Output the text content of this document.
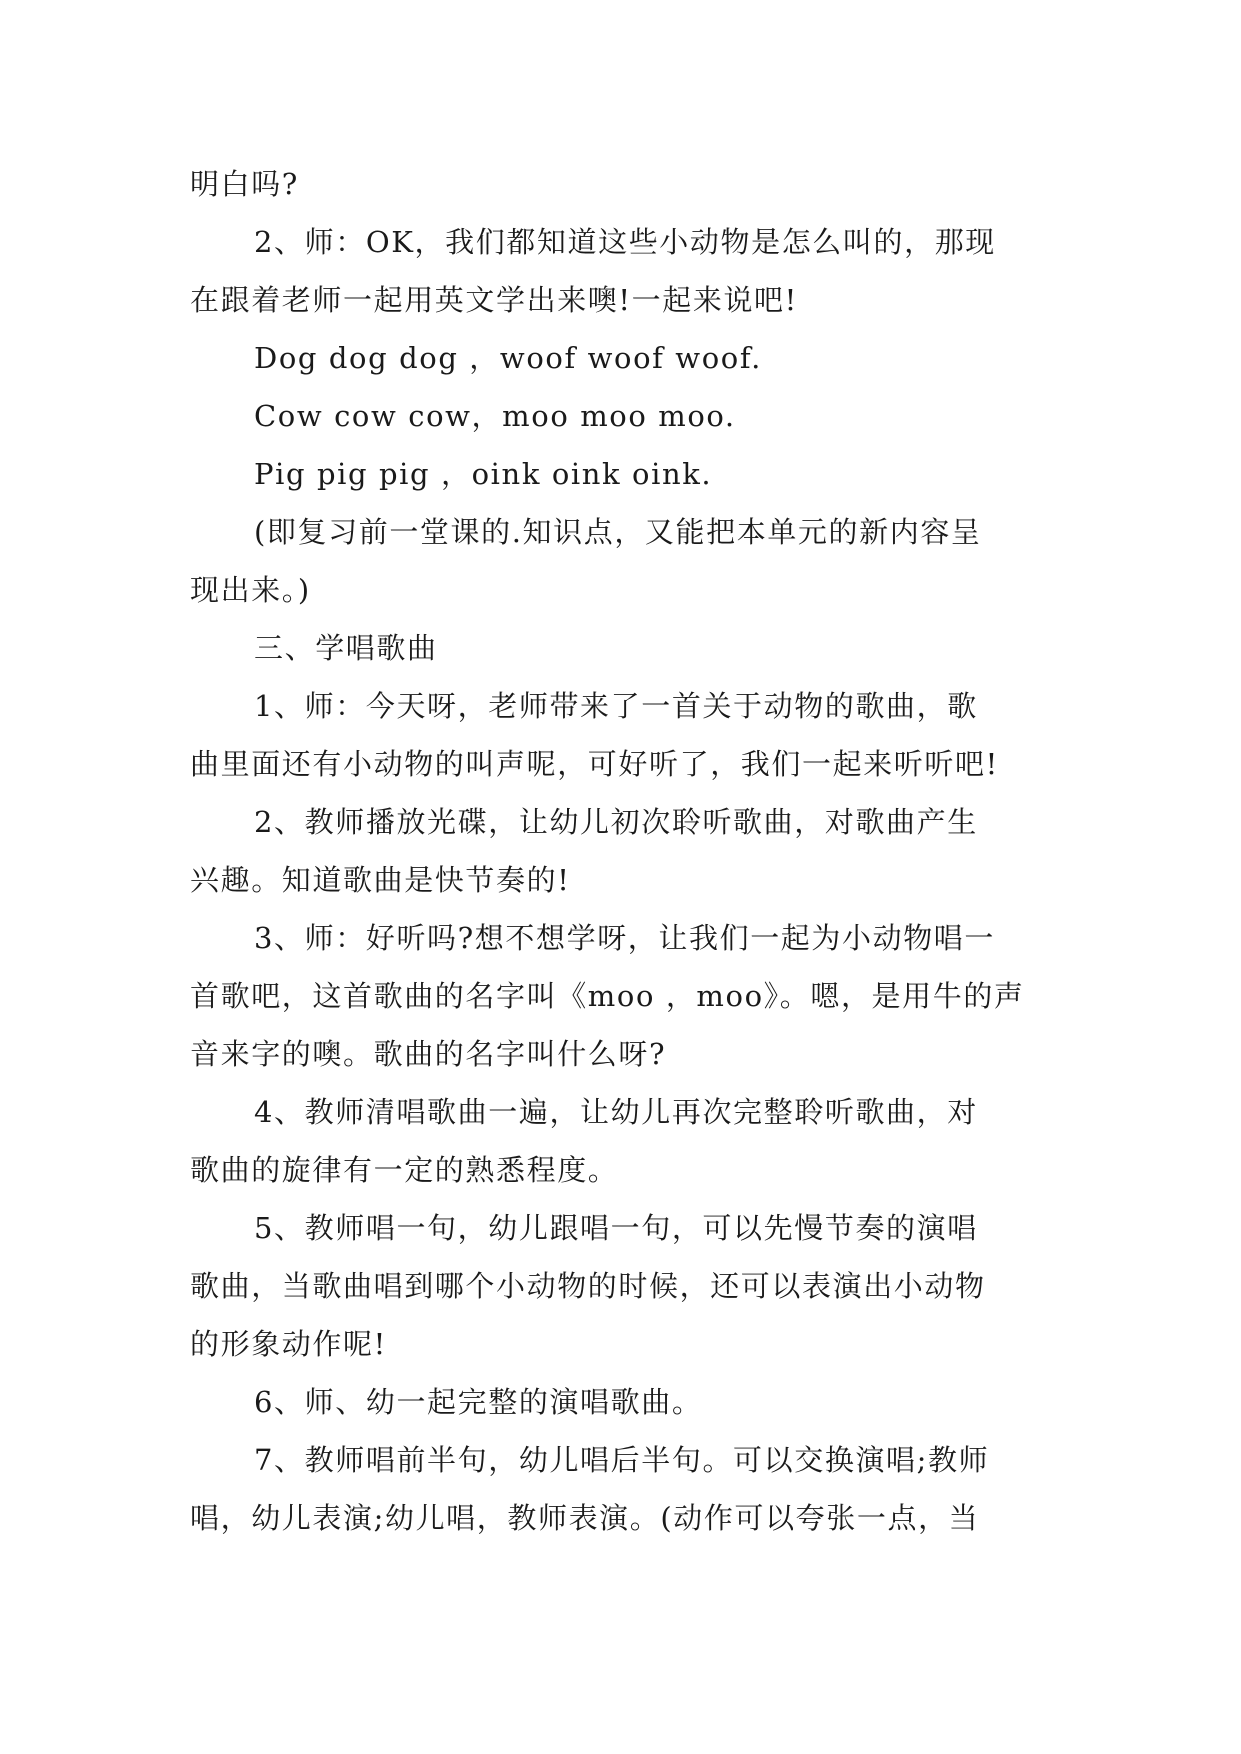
明白吗?
2、师：OK，我们都知道这些小动物是怎么叫的，那现
在跟着老师一起用英文学出来噢!一起来说吧!
Dog dog dog ，woof woof woof.
Cow cow cow，moo moo moo.
Pig pig pig ，oink oink oink.
(即复习前一堂课的.知识点，又能把本单元的新内容呈
现出来。)
三、学唱歌曲
1、师：今天呀，老师带来了一首关于动物的歌曲，歌
曲里面还有小动物的叫声呢，可好听了，我们一起来听听吧!
2、教师播放光碟，让幼儿初次聆听歌曲，对歌曲产生
兴趣。知道歌曲是快节奏的!
3、师：好听吗?想不想学呀，让我们一起为小动物唱一
首歌吧，这首歌曲的名字叫《moo ，moo》。嗯，是用牛的声
音来字的噢。歌曲的名字叫什么呀?
4、教师清唱歌曲一遍，让幼儿再次完整聆听歌曲，对
歌曲的旋律有一定的熟悉程度。
5、教师唱一句，幼儿跟唱一句，可以先慢节奏的演唱
歌曲，当歌曲唱到哪个小动物的时候，还可以表演出小动物
的形象动作呢!
6、师、幼一起完整的演唱歌曲。
7、教师唱前半句，幼儿唱后半句。可以交换演唱;教师
唱，幼儿表演;幼儿唱，教师表演。(动作可以夸张一点，当
